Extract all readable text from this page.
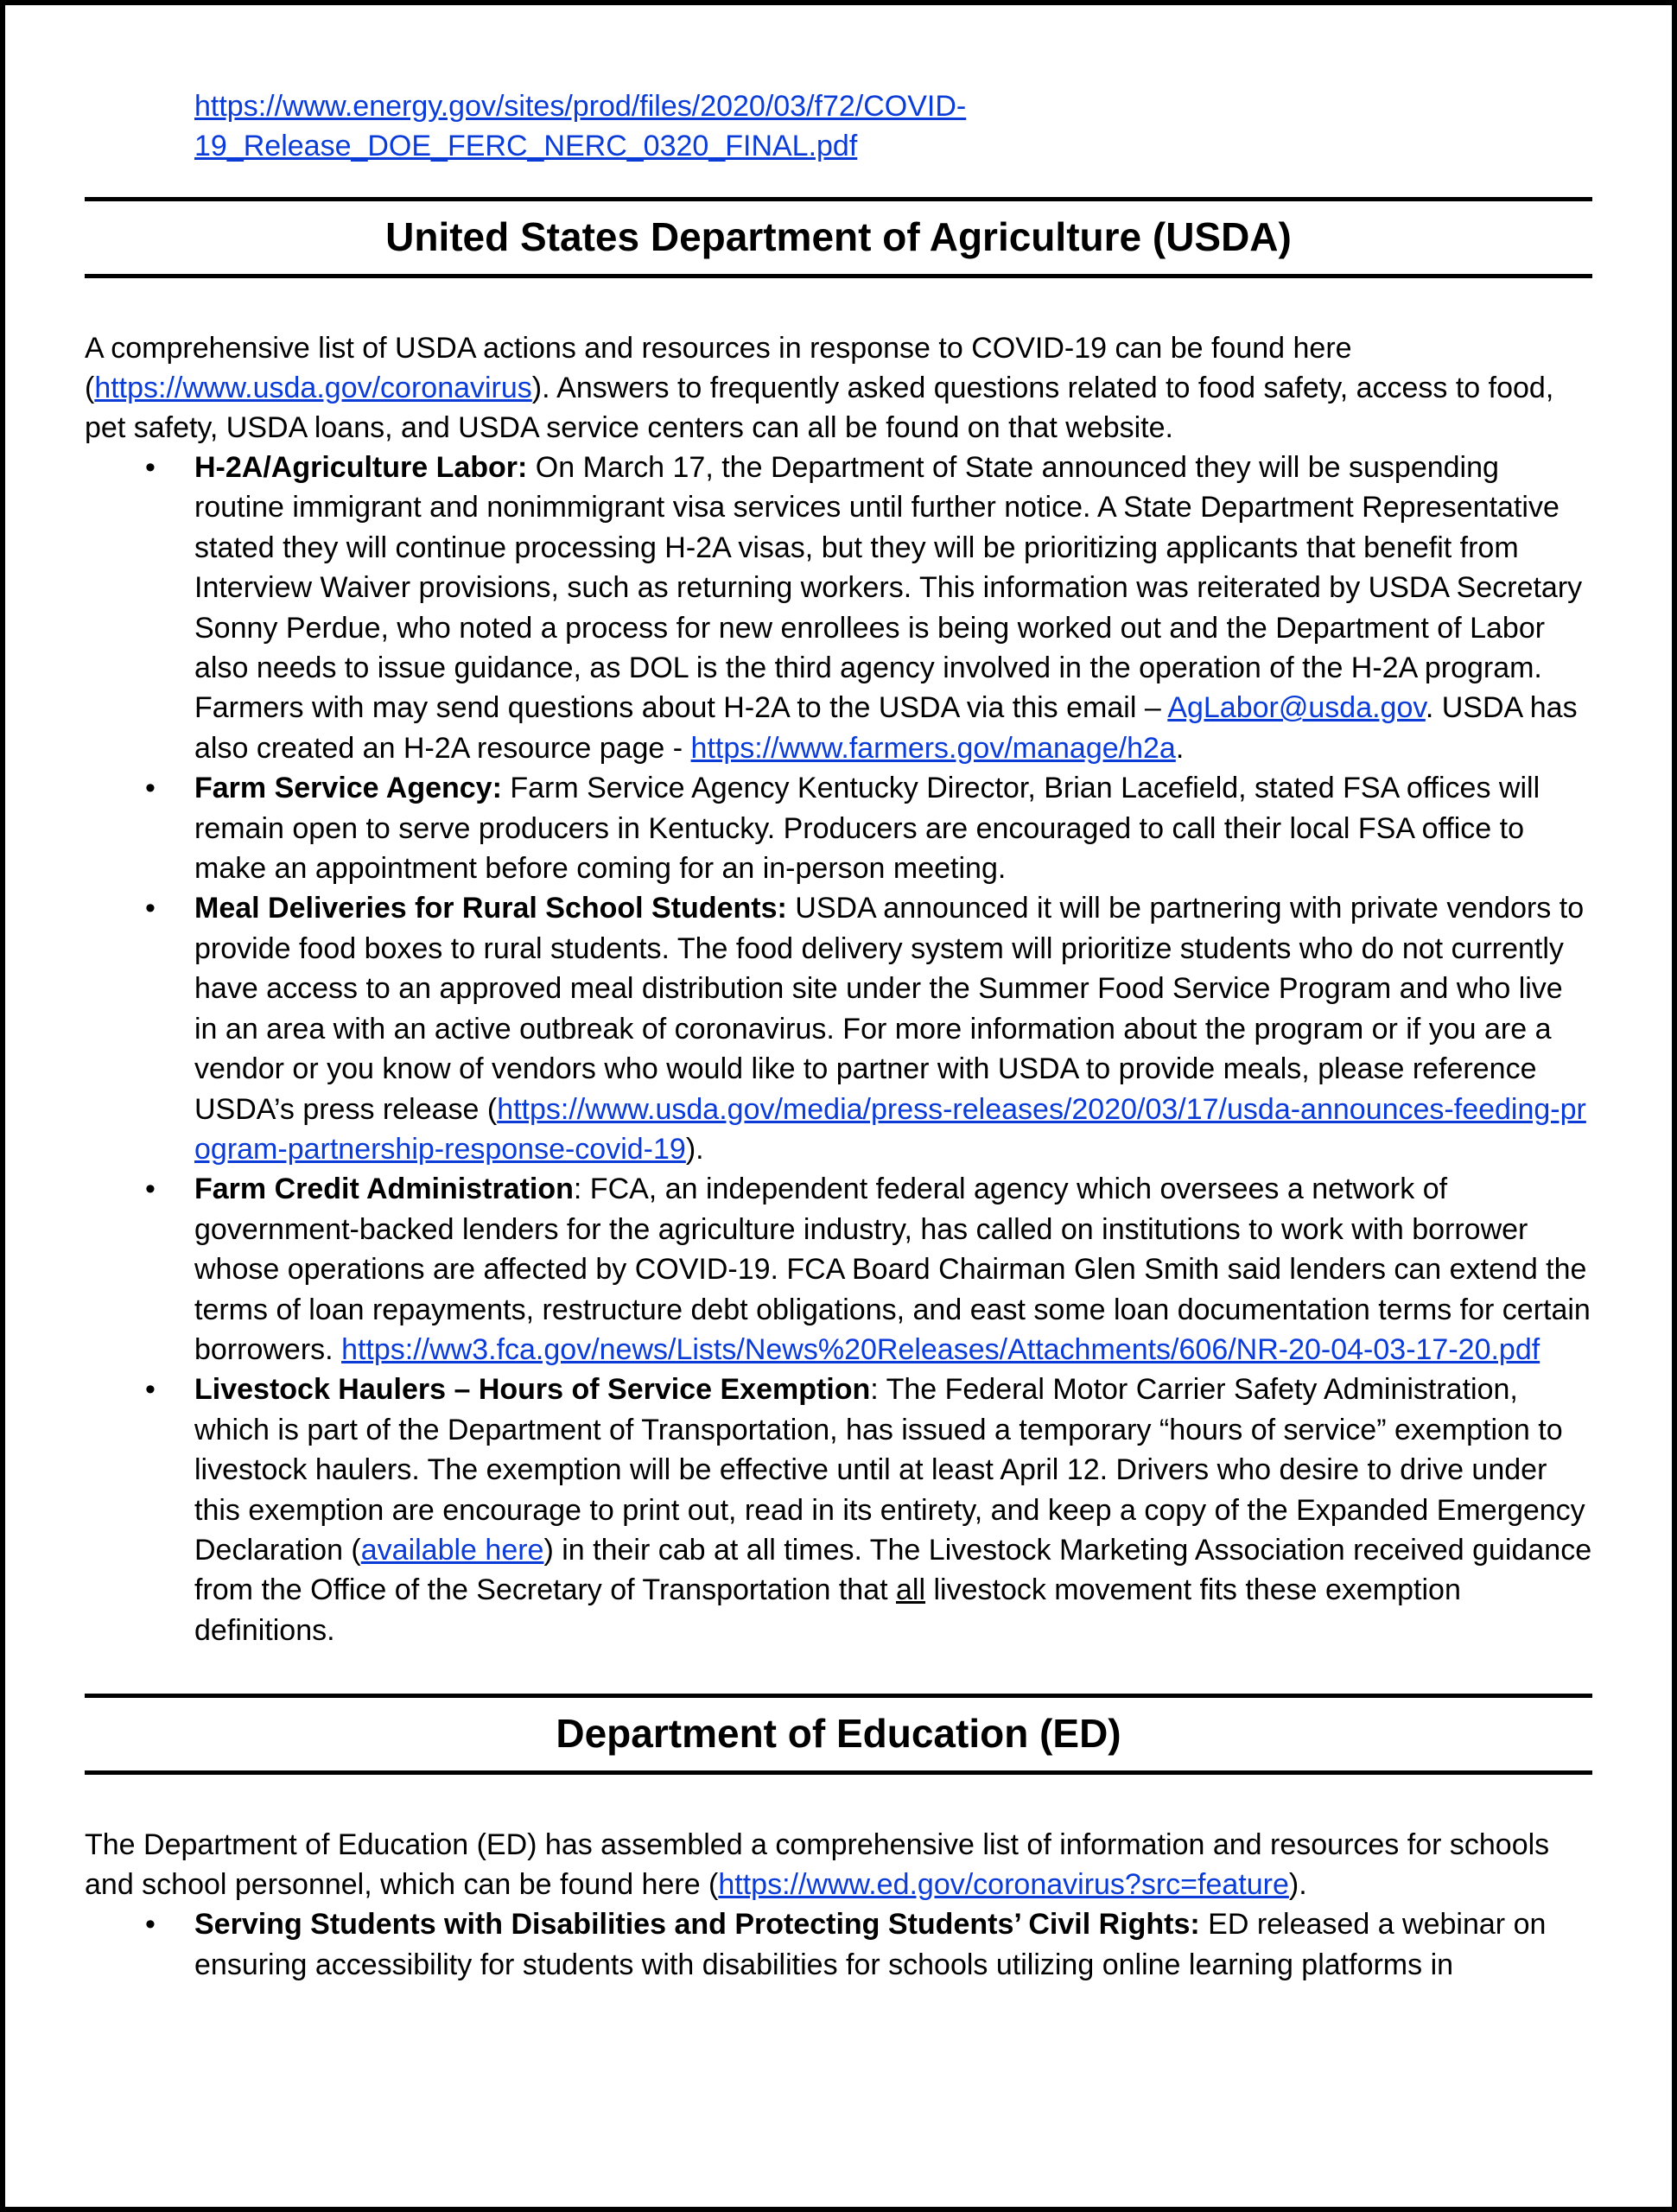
https://www.energy.gov/sites/prod/files/2020/03/f72/COVID-
19_Release_DOE_FERC_NERC_0320_FINAL.pdf
United States Department of Agriculture (USDA)

A comprehensive list of USDA actions and resources in response to COVID-19 can be found here (https://www.usda.gov/coronavirus). Answers to frequently asked questions related to food safety, access to food, pet safety, USDA loans, and USDA service centers can all be found on that website.

• H-2A/Agriculture Labor: On March 17, the Department of State announced they will be suspending routine immigrant and nonimmigrant visa services until further notice. A State Department Representative stated they will continue processing H-2A visas, but they will be prioritizing applicants that benefit from Interview Waiver provisions, such as returning workers. This information was reiterated by USDA Secretary Sonny Perdue, who noted a process for new enrollees is being worked out and the Department of Labor also needs to issue guidance, as DOL is the third agency involved in the operation of the H-2A program. Farmers with may send questions about H-2A to the USDA via this email – AgLabor@usda.gov. USDA has also created an H-2A resource page - https://www.farmers.gov/manage/h2a.
• Farm Service Agency: Farm Service Agency Kentucky Director, Brian Lacefield, stated FSA offices will remain open to serve producers in Kentucky. Producers are encouraged to call their local FSA office to make an appointment before coming for an in-person meeting.
• Meal Deliveries for Rural School Students: USDA announced it will be partnering with private vendors to provide food boxes to rural students. The food delivery system will prioritize students who do not currently have access to an approved meal distribution site under the Summer Food Service Program and who live in an area with an active outbreak of coronavirus. For more information about the program or if you are a vendor or you know of vendors who would like to partner with USDA to provide meals, please reference USDA’s press release (https://www.usda.gov/media/press-releases/2020/03/17/usda-announces-feeding-program-partnership-response-covid-19).
• Farm Credit Administration: FCA, an independent federal agency which oversees a network of government-backed lenders for the agriculture industry, has called on institutions to work with borrower whose operations are affected by COVID-19. FCA Board Chairman Glen Smith said lenders can extend the terms of loan repayments, restructure debt obligations, and east some loan documentation terms for certain borrowers. https://ww3.fca.gov/news/Lists/News%20Releases/Attachments/606/NR-20-04-03-17-20.pdf
• Livestock Haulers – Hours of Service Exemption: The Federal Motor Carrier Safety Administration, which is part of the Department of Transportation, has issued a temporary “hours of service” exemption to livestock haulers. The exemption will be effective until at least April 12. Drivers who desire to drive under this exemption are encourage to print out, read in its entirety, and keep a copy of the Expanded Emergency Declaration (available here) in their cab at all times. The Livestock Marketing Association received guidance from the Office of the Secretary of Transportation that all livestock movement fits these exemption definitions.
Department of Education (ED)

The Department of Education (ED) has assembled a comprehensive list of information and resources for schools and school personnel, which can be found here (https://www.ed.gov/coronavirus?src=feature).

• Serving Students with Disabilities and Protecting Students’ Civil Rights: ED released a webinar on ensuring accessibility for students with disabilities for schools utilizing online learning platforms in
